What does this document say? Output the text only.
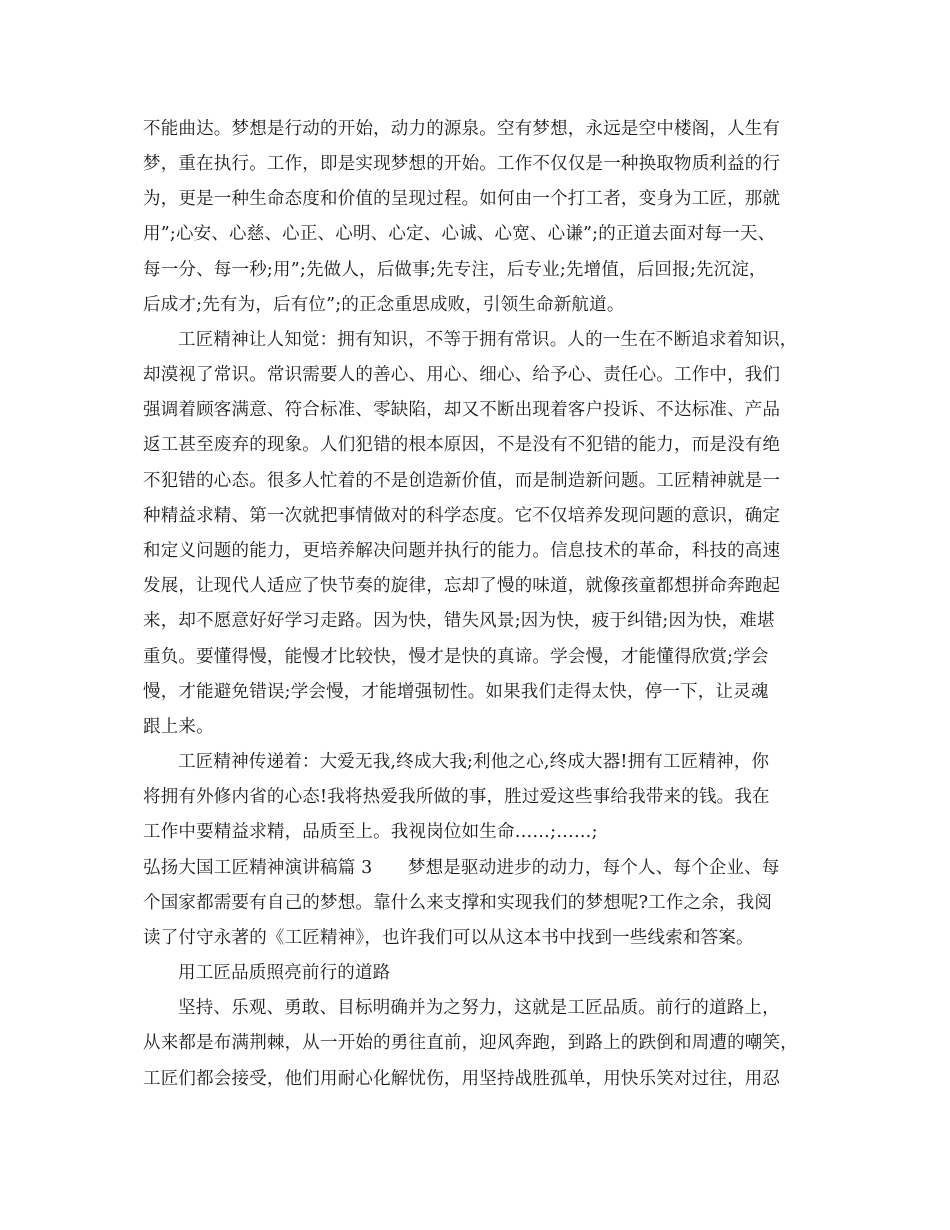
不能曲达。梦想是行动的开始，动力的源泉。空有梦想，永远是空中楼阁，人生有
梦，重在执行。工作，即是实现梦想的开始。工作不仅仅是一种换取物质利益的行
为，更是一种生命态度和价值的呈现过程。如何由一个打工者，变身为工匠，那就
用”;心安、心慈、心正、心明、心定、心诚、心宽、心谦”;的正道去面对每一天、
每一分、每一秒;用”;先做人，后做事;先专注，后专业;先增值，后回报;先沉淀，
后成才;先有为，后有位”;的正念重思成败，引领生命新航道。
工匠精神让人知觉：拥有知识，不等于拥有常识。人的一生在不断追求着知识，
却漠视了常识。常识需要人的善心、用心、细心、给予心、责任心。工作中，我们
强调着顾客满意、符合标准、零缺陷，却又不断出现着客户投诉、不达标准、产品
返工甚至废弃的现象。人们犯错的根本原因，不是没有不犯错的能力，而是没有绝
不犯错的心态。很多人忙着的不是创造新价值，而是制造新问题。工匠精神就是一
种精益求精、第一次就把事情做对的科学态度。它不仅培养发现问题的意识，确定
和定义问题的能力，更培养解决问题并执行的能力。信息技术的革命，科技的高速
发展，让现代人适应了快节奏的旋律，忘却了慢的味道，就像孩童都想拼命奔跑起
来，却不愿意好好学习走路。因为快，错失风景;因为快，疲于纠错;因为快，难堪
重负。要懂得慢，能慢才比较快，慢才是快的真谛。学会慢，才能懂得欣赏;学会
慢，才能避免错误;学会慢，才能增强韧性。如果我们走得太快，停一下，让灵魂
跟上来。
工匠精神传递着：大爱无我,终成大我;利他之心,终成大器!拥有工匠精神，你
将拥有外修内省的心态!我将热爱我所做的事，胜过爱这些事给我带来的钱。我在
工作中要精益求精，品质至上。我视岗位如生命……;……;
弘扬大国工匠精神演讲稿篇 3　　梦想是驱动进步的动力，每个人、每个企业、每
个国家都需要有自己的梦想。靠什么来支撑和实现我们的梦想呢?工作之余，我阅
读了付守永著的《工匠精神》，也许我们可以从这本书中找到一些线索和答案。
用工匠品质照亮前行的道路
坚持、乐观、勇敢、目标明确并为之努力，这就是工匠品质。前行的道路上，
从来都是布满荆棘，从一开始的勇往直前，迎风奔跑，到路上的跌倒和周遭的嘲笑，
工匠们都会接受，他们用耐心化解忧伤，用坚持战胜孤单，用快乐笑对过往，用忍
